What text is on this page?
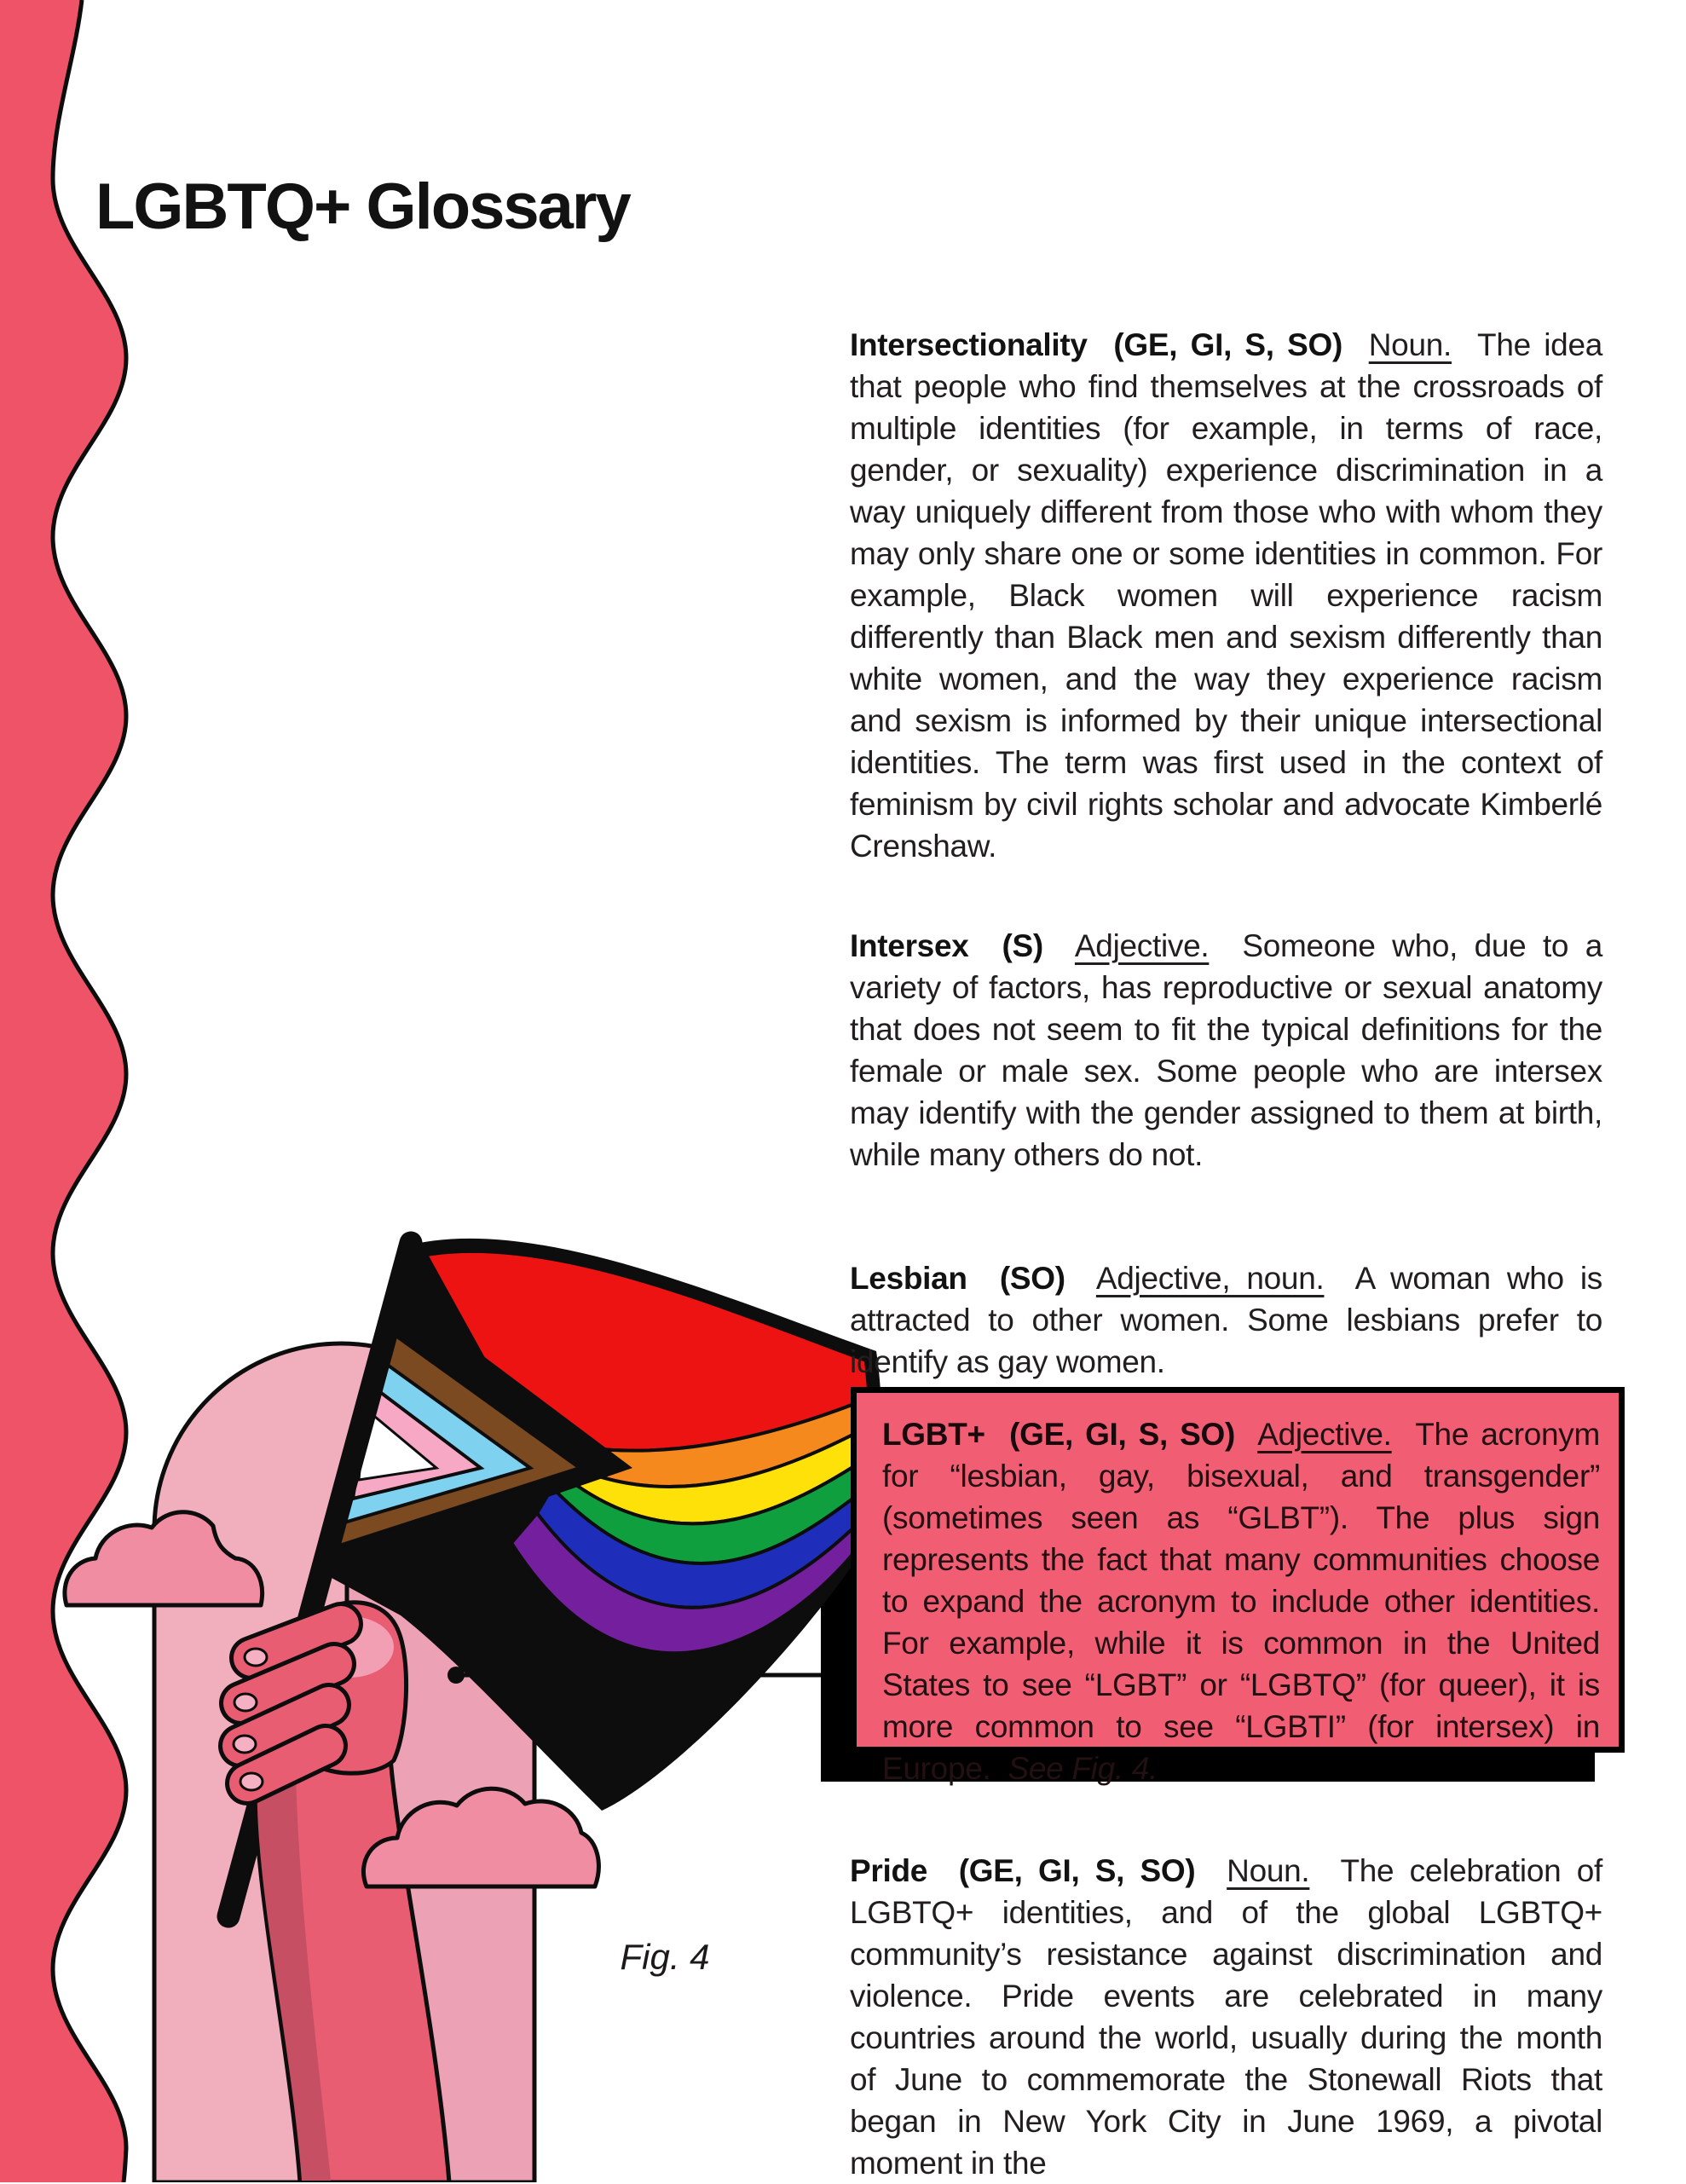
LGBT+ (GE, GI, S, SO) Adjective. The acronym for “lesbian, gay, bisexual, and transgender” (sometimes seen as “GLBT”). The plus sign represents the fact that many communities choose to expand the acronym to include other identities. For example, while it is common in the United States to see “LGBT” or “LGBTQ” (for queer), it is more common to see “LGBTI” (for intersex) in Europe. See Fig. 4.
LGBTQ+ Glossary

Intersectionality (GE, GI, S, SO) Noun. The idea that people who find themselves at the crossroads of multiple identities (for example, in terms of race, gender, or sexuality) experience discrimination in a way uniquely different from those who with whom they may only share one or some identities in common. For example, Black women will experience racism differently than Black men and sexism differently than white women, and the way they experience racism and sexism is informed by their unique intersectional identities. The term was first used in the context of feminism by civil rights scholar and advocate Kimberlé Crenshaw.

Intersex (S) Adjective. Someone who, due to a variety of factors, has reproductive or sexual anatomy that does not seem to fit the typical definitions for the female or male sex. Some people who are intersex may identify with the gender assigned to them at birth, while many others do not.

Lesbian (SO) Adjective, noun. A woman who is attracted to other women. Some lesbians prefer to identify as gay women.

Pride (GE, GI, S, SO) Noun. The celebration of LGBTQ+ identities, and of the global LGBTQ+ community’s resistance against discrimination and violence. Pride events are celebrated in many countries around the world, usually during the month of June to commemorate the Stonewall Riots that began in New York City in June 1969, a pivotal moment in the

Fig. 4
